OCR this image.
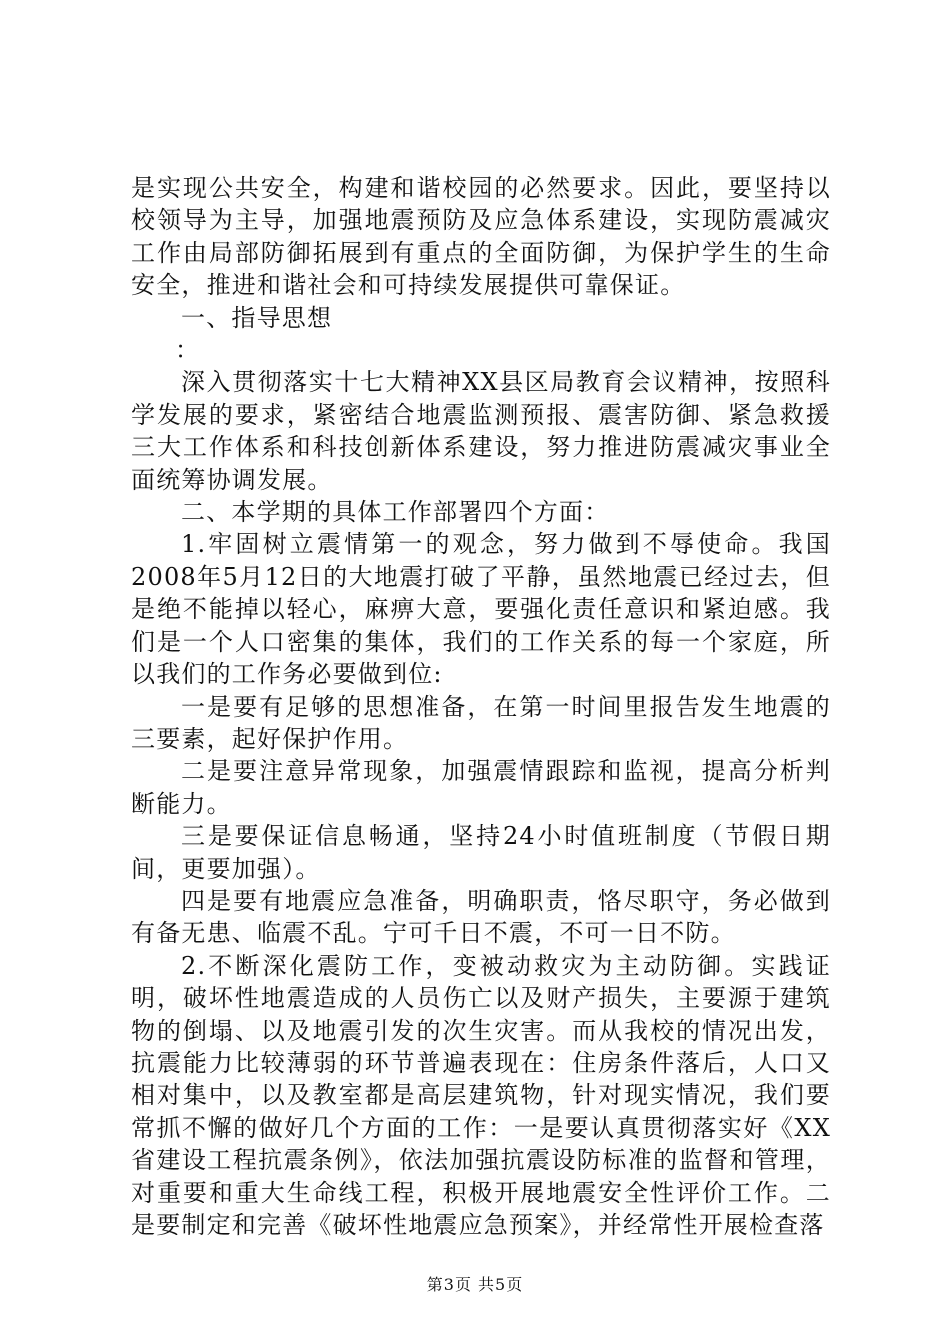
是实现公共安全，构建和谐校园的必然要求。因此，要坚持以校领导为主导，加强地震预防及应急体系建设，实现防震减灾工作由局部防御拓展到有重点的全面防御，为保护学生的生命安全，推进和谐社会和可持续发展提供可靠保证。

一、指导思想

：

深入贯彻落实十七大精神XX县区局教育会议精神，按照科学发展的要求，紧密结合地震监测预报、震害防御、紧急救援三大工作体系和科技创新体系建设，努力推进防震减灾事业全面统筹协调发展。

二、本学期的具体工作部署四个方面：

1.牢固树立震情第一的观念，努力做到不辱使命。我国2008年5月12日的大地震打破了平静，虽然地震已经过去，但是绝不能掉以轻心，麻痹大意，要强化责任意识和紧迫感。我们是一个人口密集的集体，我们的工作关系的每一个家庭，所以我们的工作务必要做到位:

一是要有足够的思想准备，在第一时间里报告发生地震的三要素，起好保护作用。

二是要注意异常现象，加强震情跟踪和监视，提高分析判断能力。

三是要保证信息畅通，坚持24小时值班制度（节假日期间，更要加强）。

四是要有地震应急准备，明确职责，恪尽职守，务必做到有备无患、临震不乱。宁可千日不震，不可一日不防。

2.不断深化震防工作，变被动救灾为主动防御。实践证明，破坏性地震造成的人员伤亡以及财产损失，主要源于建筑物的倒塌、以及地震引发的次生灾害。而从我校的情况出发，抗震能力比较薄弱的环节普遍表现在：住房条件落后，人口又相对集中，以及教室都是高层建筑物，针对现实情况，我们要常抓不懈的做好几个方面的工作：一是要认真贯彻落实好《XX省建设工程抗震条例》，依法加强抗震设防标准的监督和管理，对重要和重大生命线工程，积极开展地震安全性评价工作。二是要制定和完善《破坏性地震应急预案》，并经常性开展检查落

第3页 共5页
